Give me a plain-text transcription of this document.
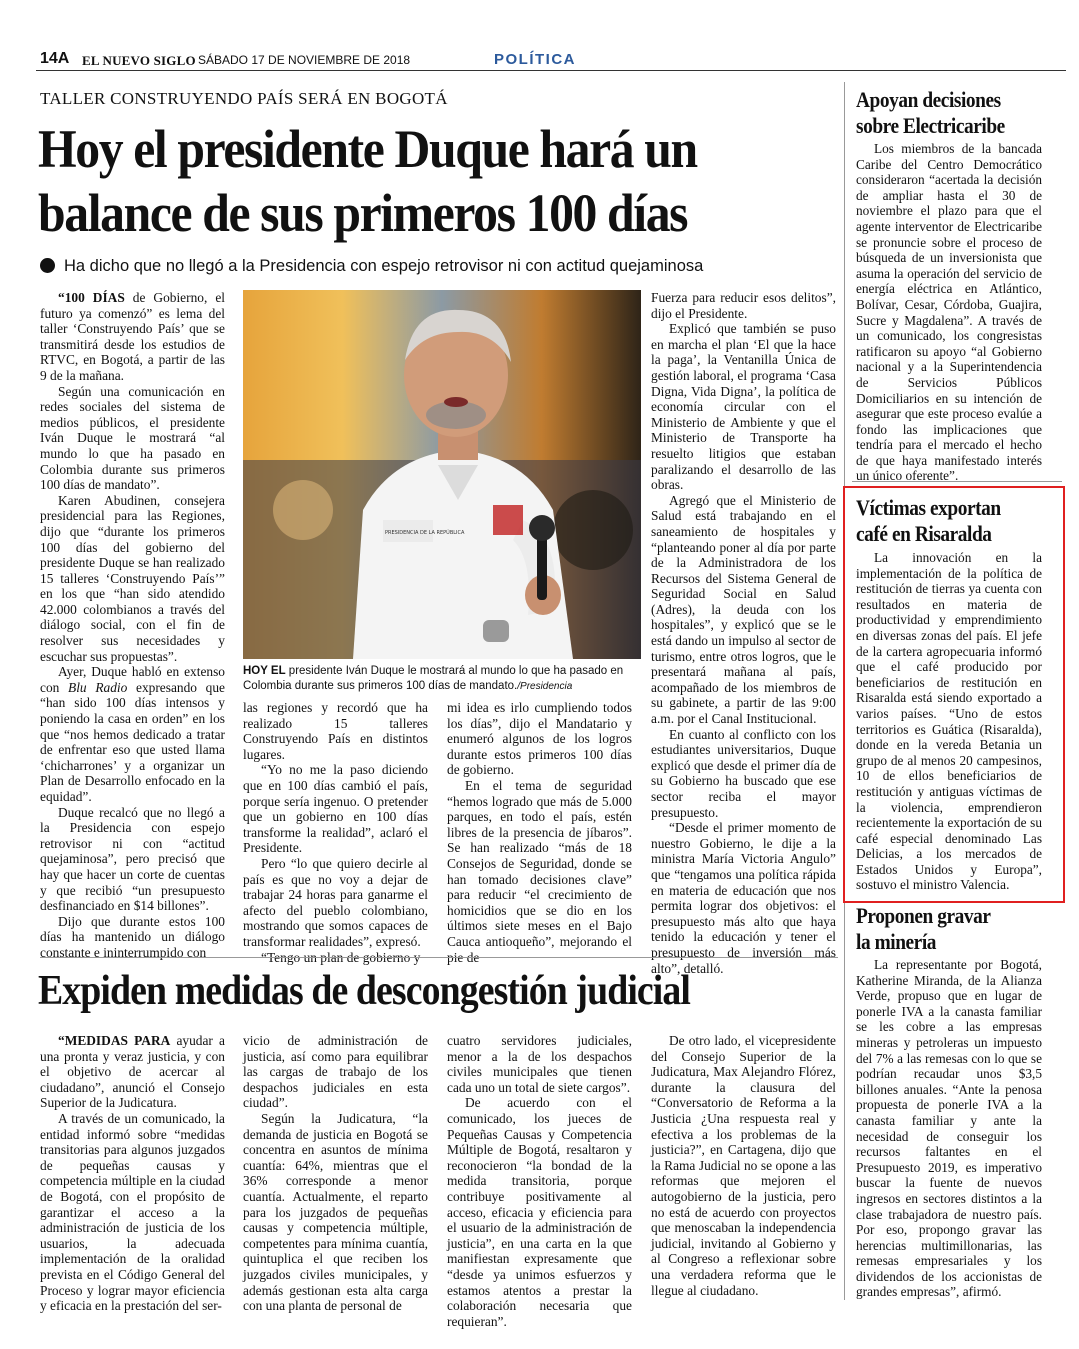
14A EL NUEVO SIGLO SÁBADO 17 DE NOVIEMBRE DE 2018	POLÍTICA
TALLER CONSTRUYENDO PAÍS SERÁ EN BOGOTÁ
Hoy el presidente Duque hará un
balance de sus primeros 100 días
Ha dicho que no llegó a la Presidencia con espejo retrovisor ni con actitud quejaminosa

“100 DÍAS de Gobierno, el futuro ya comenzó” es lema del taller ‘Construyendo País’ que se transmitirá desde los estudios de RTVC, en Bogotá, a partir de las 9 de la mañana.

Según una comunicación en redes sociales del sistema de medios públicos, el presidente Iván Duque le mostrará “al mundo lo que ha pasado en Colombia durante sus primeros 100 días de mandato”.

Karen Abudinen, consejera presidencial para las Regiones, dijo que “durante los primeros 100 días del gobierno del presidente Duque se han realizado 15 talleres ‘Construyendo País’” en los que “han sido atendido 42.000 colombianos a través del diálogo social, con el fin de resolver sus necesidades y escuchar sus propuestas”.

Ayer, Duque habló en extenso con Blu Radio expresando que “han sido 100 días intensos y poniendo la casa en orden” en los que “nos hemos dedicado a tratar de enfrentar eso que usted llama ‘chicharrones’ y a organizar un Plan de Desarrollo enfocado en la equidad”.

Duque recalcó que no llegó a la Presidencia con espejo retrovisor ni con “actitud quejaminosa”, pero precisó que hay que hacer un corte de cuentas y que recibió “un presupuesto desfinanciado en $14 billones”.

Dijo que durante estos 100 días ha mantenido un diálogo constante e ininterrumpido con

PRESIDENCIA DE LA REPÚBLICA
HOY EL presidente Iván Duque le mostrará al mundo lo que ha pasado en Colombia durante sus primeros 100 días de mandato./Presidencia

las regiones y recordó que ha realizado 15 talleres Construyendo País en distintos lugares.

“Yo no me la paso diciendo que en 100 días cambió el país, porque sería ingenuo. O pretender que un gobierno en 100 días transforme la realidad”, aclaró el Presidente.

Pero “lo que quiero decirle al país es que no voy a dejar de trabajar 24 horas para ganarme el afecto del pueblo colombiano, mostrando que somos capaces de transformar realidades”, expresó.

“Tengo un plan de gobierno y

mi idea es irlo cumpliendo todos los días”, dijo el Mandatario y enumeró algunos de los logros durante estos primeros 100 días de gobierno.

En el tema de seguridad “hemos logrado que más de 5.000 parques, en todo el país, estén libres de la presencia de jíbaros”. Se han realizado “más de 18 Consejos de Seguridad, donde se han tomado decisiones clave” para reducir “el crecimiento de homicidios que se dio en los últimos siete meses en el Bajo Cauca antioqueño”, mejorando el pie de

Fuerza para reducir esos delitos”, dijo el Presidente.

Explicó que también se puso en marcha el plan ‘El que la hace la paga’, la Ventanilla Única de gestión laboral, el programa ‘Casa Digna, Vida Digna’, la política de economía circular con el Ministerio de Ambiente y que el Ministerio de Transporte ha resuelto litigios que estaban paralizando el desarrollo de las obras.

Agregó que el Ministerio de Salud está trabajando en el saneamiento de hospitales y “planteando poner al día por parte de la Administradora de los Recursos del Sistema General de Seguridad Social en Salud (Adres), la deuda con los hospitales”, y explicó que se le está dando un impulso al sector de turismo, entre otros logros, que le presentará mañana al país, acompañado de los miembros de su gabinete, a partir de las 9:00 a.m. por el Canal Institucional.

En cuanto al conflicto con los estudiantes universitarios, Duque explicó que desde el primer día de su Gobierno ha buscado que ese sector reciba el mayor presupuesto.

“Desde el primer momento de nuestro Gobierno, le dije a la ministra María Victoria Angulo” que “tengamos una política rápida en materia de educación que nos permita lograr dos objetivos: el presupuesto más alto que haya tenido la educación y tener el presupuesto de inversión más alto”, detalló.

Apoyan decisiones
sobre Electricaribe

Los miembros de la bancada Caribe del Centro Democrático consideraron “acertada la decisión de ampliar hasta el 30 de noviembre el plazo para que el agente interventor de Electricaribe se pronuncie sobre el proceso de búsqueda de un inversionista que asuma la operación del servicio de energía eléctrica en Atlántico, Bolívar, Cesar, Córdoba, Guajira, Sucre y Magdalena”. A través de un comunicado, los congresistas ratificaron su apoyo “al Gobierno nacional y a la Superintendencia de Servicios Públicos Domiciliarios en su intención de asegurar que este proceso evalúe a fondo las implicaciones que tendría para el mercado el hecho de que haya manifestado interés un único oferente”.

Víctimas exportan
café en Risaralda

La innovación en la implementación de la política de restitución de tierras ya cuenta con resultados en materia de productividad y emprendimiento en diversas zonas del país. El jefe de la cartera agropecuaria informó que el café producido por beneficiarios de restitución en Risaralda está siendo exportado a varios países. “Uno de estos territorios es Guática (Risaralda), donde en la vereda Betania un grupo de al menos 20 campesinos, 10 de ellos beneficiarios de restitución y antiguas víctimas de la violencia, emprendieron recientemente la exportación de su café especial denominado Las Delicias, a los mercados de Estados Unidos y Europa”, sostuvo el ministro Valencia.

Proponen gravar
la minería

La representante por Bogotá, Katherine Miranda, de la Alianza Verde, propuso que en lugar de ponerle IVA a la canasta familiar se les cobre a las empresas mineras y petroleras un impuesto del 7% a las remesas con lo que se podrían recaudar unos $3,5 billones anuales. “Ante la penosa propuesta de ponerle IVA a la canasta familiar y ante la necesidad de conseguir los recursos faltantes en el Presupuesto 2019, es imperativo buscar la fuente de nuevos ingresos en sectores distintos a la clase trabajadora de nuestro país. Por eso, propongo gravar las herencias multimillonarias, las remesas empresariales y los dividendos de los accionistas de grandes empresas”, afirmó.

Expiden medidas de descongestión judicial

“MEDIDAS PARA ayudar a una pronta y veraz justicia, y con el objetivo de acercar al ciudadano”, anunció el Consejo Superior de la Judicatura.

A través de un comunicado, la entidad informó sobre “medidas transitorias para algunos juzgados de pequeñas causas y competencia múltiple en la ciudad de Bogotá, con el propósito de garantizar el acceso a la administración de justicia de los usuarios, la adecuada implementación de la oralidad prevista en el Código General del Proceso y lograr mayor eficiencia y eficacia en la prestación del ser-

vicio de administración de justicia, así como para equilibrar las cargas de trabajo de los despachos judiciales en esta ciudad”.

Según la Judicatura, “la demanda de justicia en Bogotá se concentra en asuntos de mínima cuantía: 64%, mientras que el 36% corresponde a menor cuantía. Actualmente, el reparto para los juzgados de pequeñas causas y competencia múltiple, competentes para mínima cuantía, quintuplica el que reciben los juzgados civiles municipales, y además gestionan esta alta carga con una planta de personal de

cuatro servidores judiciales, menor a la de los despachos civiles municipales que tienen cada uno un total de siete cargos”.

De acuerdo con el comunicado, los jueces de Pequeñas Causas y Competencia Múltiple de Bogotá, resaltaron y reconocieron “la bondad de la medida transitoria, porque contribuye positivamente al acceso, eficacia y eficiencia para el usuario de la administración de justicia”, en una carta en la que manifiestan expresamente que “desde ya unimos esfuerzos y estamos atentos a prestar la colaboración necesaria que requieran”.

De otro lado, el vicepresidente del Consejo Superior de la Judicatura, Max Alejandro Flórez, durante la clausura del “Conversatorio de Reforma a la Justicia ¿Una respuesta real y efectiva a los problemas de la justicia?”, en Cartagena, dijo que la Rama Judicial no se opone a las reformas que mejoren el autogobierno de la justicia, pero no está de acuerdo con proyectos que menoscaban la independencia judicial, invitando al Gobierno y al Congreso a reflexionar sobre una verdadera reforma que le llegue al ciudadano.
